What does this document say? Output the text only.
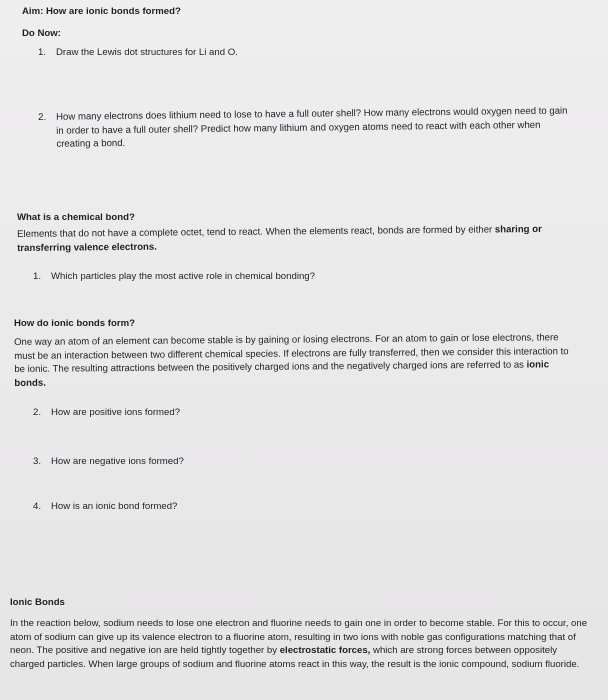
Aim: How are ionic bonds formed?
Do Now:
1.	Draw the Lewis dot structures for Li and O.
2.	How many electrons does lithium need to lose to have a full outer shell? How many electrons would oxygen need to gain in order to have a full outer shell? Predict how many lithium and oxygen atoms need to react with each other when creating a bond.
What is a chemical bond?

Elements that do not have a complete octet, tend to react. When the elements react, bonds are formed by either sharing or transferring valence electrons.

1.	Which particles play the most active role in chemical bonding?
How do ionic bonds form?

One way an atom of an element can become stable is by gaining or losing electrons. For an atom to gain or lose electrons, there must be an interaction between two different chemical species. If electrons are fully transferred, then we consider this interaction to be ionic. The resulting attractions between the positively charged ions and the negatively charged ions are referred to as ionic bonds.

2.	How are positive ions formed?
3.	How are negative ions formed?
4.	How is an ionic bond formed?
Ionic Bonds

In the reaction below, sodium needs to lose one electron and fluorine needs to gain one in order to become stable. For this to occur, one atom of sodium can give up its valence electron to a fluorine atom, resulting in two ions with noble gas configurations matching that of neon. The positive and negative ion are held tightly together by electrostatic forces, which are strong forces between oppositely charged particles. When large groups of sodium and fluorine atoms react in this way, the result is the ionic compound, sodium fluoride.
